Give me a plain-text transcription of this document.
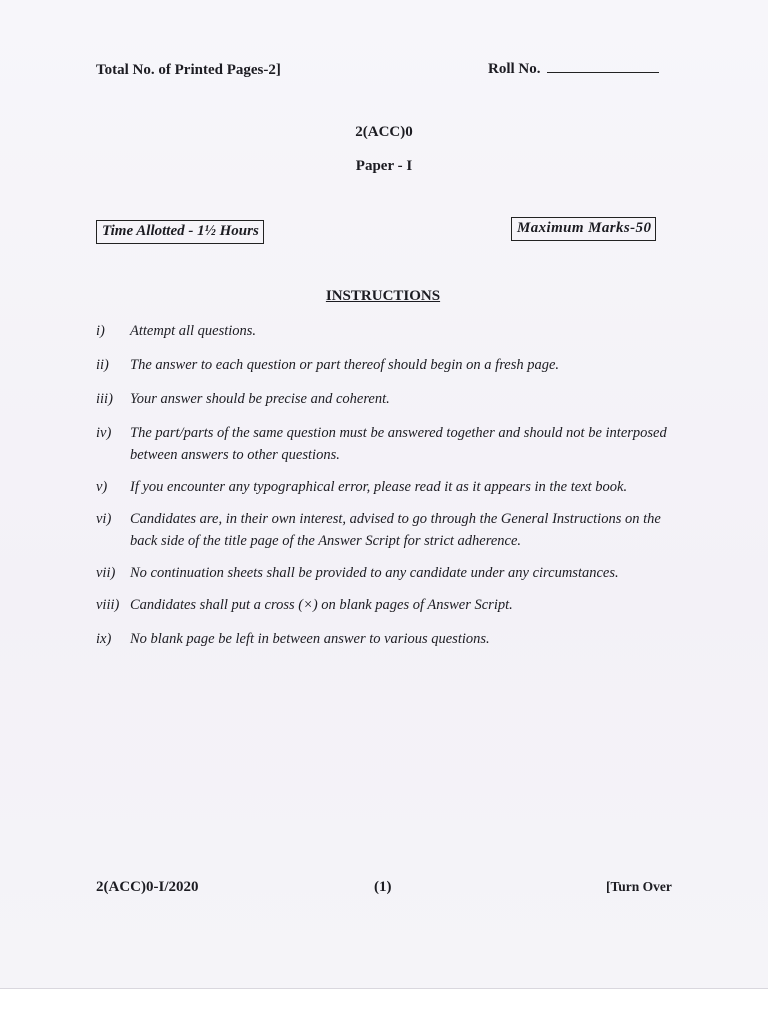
Total No. of Printed Pages-2]	Roll No.
2(ACC)0
Paper - I
Time Allotted - 1½ Hours	Maximum Marks-50
INSTRUCTIONS
i) Attempt all questions.
ii) The answer to each question or part thereof should begin on a fresh page.
iii) Your answer should be precise and coherent.
iv) The part/parts of the same question must be answered together and should not be interposed between answers to other questions.
v) If you encounter any typographical error, please read it as it appears in the text book.
vi) Candidates are, in their own interest, advised to go through the General Instructions on the back side of the title page of the Answer Script for strict adherence.
vii) No continuation sheets shall be provided to any candidate under any circumstances.
viii) Candidates shall put a cross (×) on blank pages of Answer Script.
ix) No blank page be left in between answer to various questions.
2(ACC)0-I/2020	(1)	[Turn Over
